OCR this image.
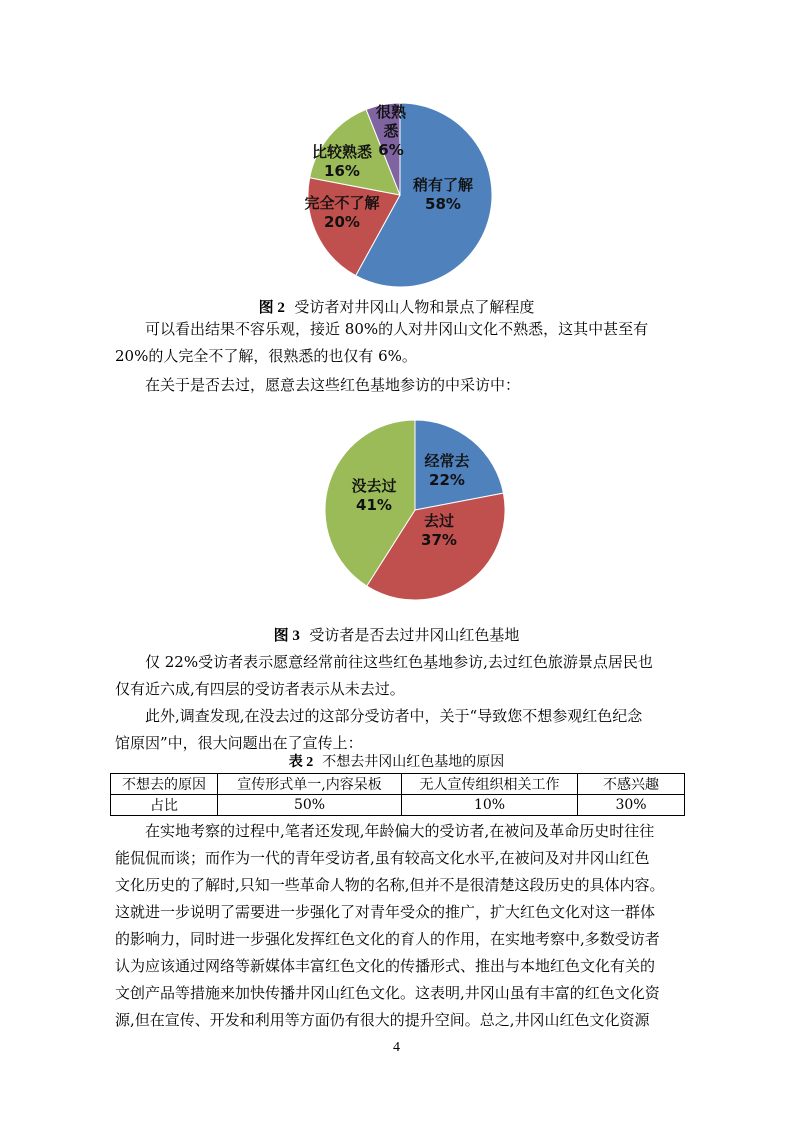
稍有了解 58%
完全不了解 20%
比较熟悉 16%
很熟悉 6%
图 2 受访者对井冈山人物和景点了解程度
可以看出结果不容乐观，接近 80%的人对井冈山文化不熟悉，这其中甚至有
20%的人完全不了解，很熟悉的也仅有 6%。
在关于是否去过，愿意去这些红色基地参访的中采访中：
经常去 22%
去过 37%
没去过 41%
图 3 受访者是否去过井冈山红色基地
仅 22%受访者表示愿意经常前往这些红色基地参访,去过红色旅游景点居民也
仅有近六成,有四层的受访者表示从未去过。
此外,调查发现,在没去过的这部分受访者中，关于“导致您不想参观红色纪念
馆原因”中，很大问题出在了宣传上：
表 2 不想去井冈山红色基地的原因
不想去的原因	宣传形式单一,内容呆板	无人宣传组织相关工作	不感兴趣
占比	50%	10%	30%
在实地考察的过程中,笔者还发现,年龄偏大的受访者,在被问及革命历史时往往
能侃侃而谈；而作为一代的青年受访者,虽有较高文化水平,在被问及对井冈山红色
文化历史的了解时,只知一些革命人物的名称,但并不是很清楚这段历史的具体内容。
这就进一步说明了需要进一步强化了对青年受众的推广，扩大红色文化对这一群体
的影响力，同时进一步强化发挥红色文化的育人的作用，在实地考察中,多数受访者
认为应该通过网络等新媒体丰富红色文化的传播形式、推出与本地红色文化有关的
文创产品等措施来加快传播井冈山红色文化。这表明,井冈山虽有丰富的红色文化资
源,但在宣传、开发和利用等方面仍有很大的提升空间。总之,井冈山红色文化资源
4
